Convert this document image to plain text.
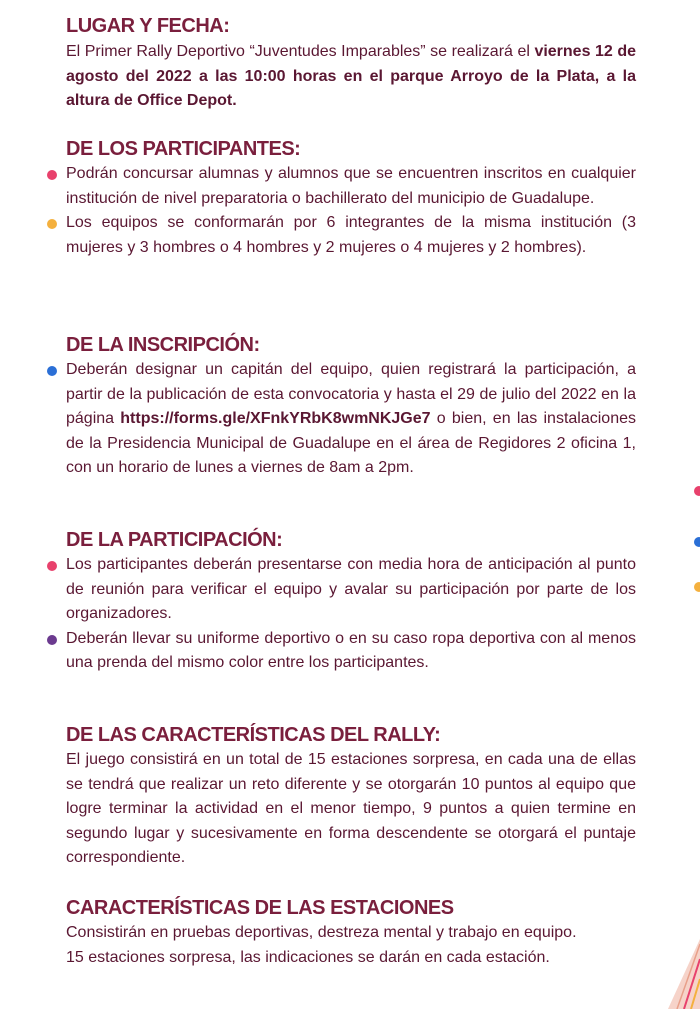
LUGAR Y FECHA:

El Primer Rally Deportivo “Juventudes Imparables” se realizará el viernes 12 de agosto del 2022 a las 10:00 horas en el parque Arroyo de la Plata, a la altura de Office Depot.

DE LOS PARTICIPANTES:

Podrán concursar alumnas y alumnos que se encuentren inscritos en cualquier institución de nivel preparatoria o bachillerato del municipio de Guadalupe.

Los equipos se conformarán por 6 integrantes de la misma institución (3 mujeres y 3 hombres o 4 hombres y 2 mujeres o 4 mujeres y 2 hombres).

DE LA INSCRIPCIÓN:

Deberán designar un capitán del equipo, quien registrará la participación, a partir de la publicación de esta convocatoria y hasta el 29 de julio del 2022 en la página https://forms.gle/XFnkYRbK8wmNKJGe7 o bien, en las instalaciones de la Presidencia Municipal de Guadalupe en el área de Regidores 2 oficina 1, con un horario de lunes a viernes de 8am a 2pm.

DE LA PARTICIPACIÓN:

Los participantes deberán presentarse con media hora de anticipación al punto de reunión para verificar el equipo y avalar su participación por parte de los organizadores.

Deberán llevar su uniforme deportivo o en su caso ropa deportiva con al menos una prenda del mismo color entre los participantes.

DE LAS CARACTERÍSTICAS DEL RALLY:

El juego consistirá en un total de 15 estaciones sorpresa, en cada una de ellas se tendrá que realizar un reto diferente y se otorgarán 10 puntos al equipo que logre terminar la actividad en el menor tiempo, 9 puntos a quien termine en segundo lugar y sucesivamente en forma descendente se otorgará el puntaje correspondiente.

CARACTERÍSTICAS DE LAS ESTACIONES

Consistirán en pruebas deportivas, destreza mental y trabajo en equipo.

15 estaciones sorpresa, las indicaciones se darán en cada estación.
